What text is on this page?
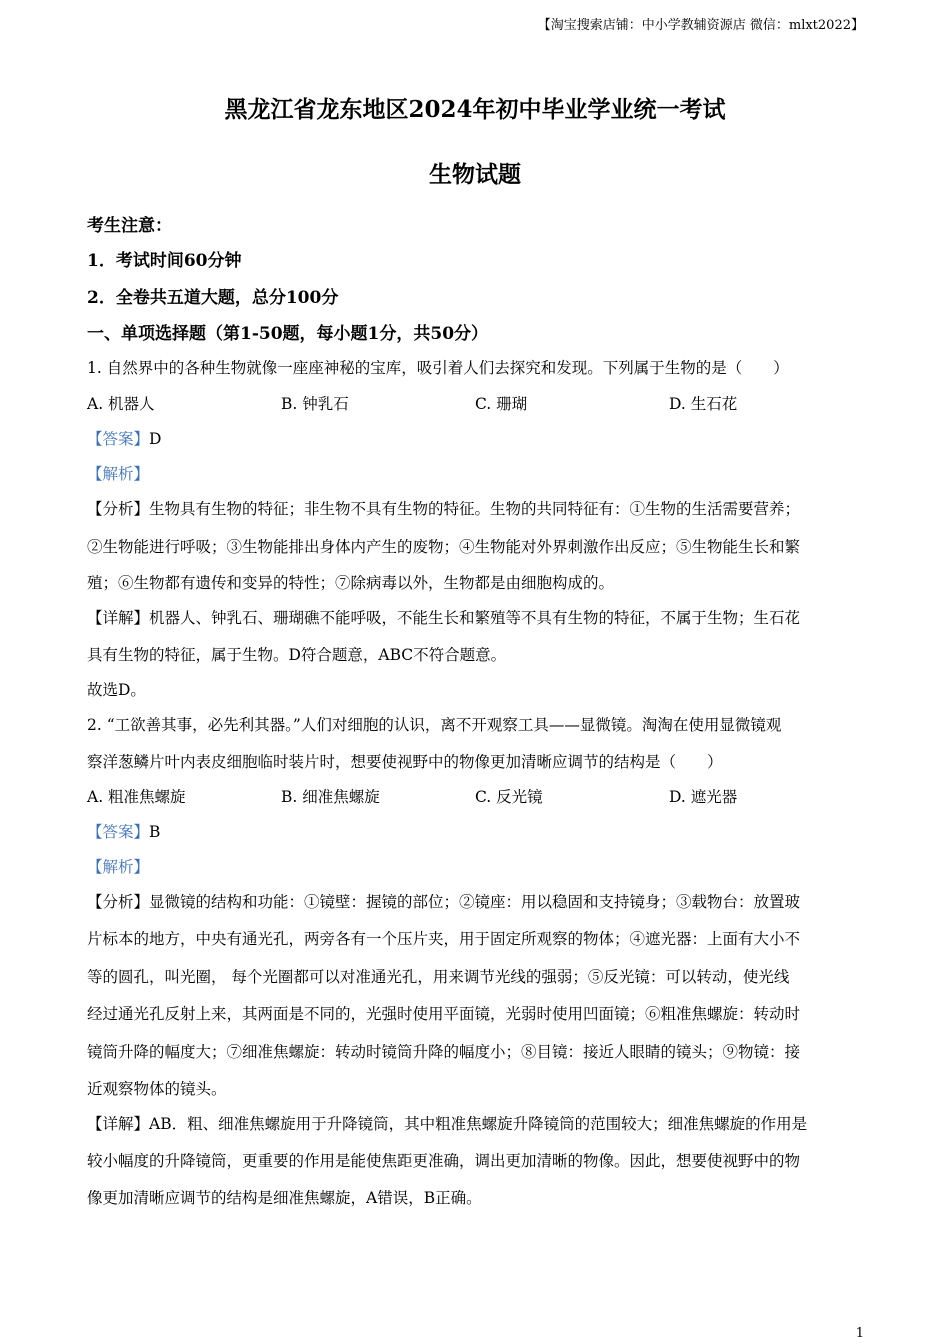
【淘宝搜索店铺：中小学教辅资源店 微信：mlxt2022】
黑龙江省龙东地区2024年初中毕业学业统一考试
生物试题
考生注意：
1．考试时间60分钟
2．全卷共五道大题，总分100分
一、单项选择题（第1-50题，每小题1分，共50分）
1. 自然界中的各种生物就像一座座神秘的宝库，吸引着人们去探究和发现。下列属于生物的是（　　）
A. 机器人	B. 钟乳石	C. 珊瑚	D. 生石花
【答案】D
【解析】
【分析】生物具有生物的特征；非生物不具有生物的特征。生物的共同特征有：①生物的生活需要营养；
②生物能进行呼吸；③生物能排出身体内产生的废物；④生物能对外界刺激作出反应；⑤生物能生长和繁
殖；⑥生物都有遗传和变异的特性；⑦除病毒以外，生物都是由细胞构成的。
【详解】机器人、钟乳石、珊瑚礁不能呼吸，不能生长和繁殖等不具有生物的特征，不属于生物；生石花
具有生物的特征，属于生物。D符合题意，ABC不符合题意。
故选D。
2. “工欲善其事，必先利其器。”人们对细胞的认识，离不开观察工具——显微镜。淘淘在使用显微镜观
察洋葱鳞片叶内表皮细胞临时装片时，想要使视野中的物像更加清晰应调节的结构是（　　）
A. 粗准焦螺旋	B. 细准焦螺旋	C. 反光镜	D. 遮光器
【答案】B
【解析】
【分析】显微镜的结构和功能：①镜壁：握镜的部位；②镜座：用以稳固和支持镜身；③载物台：放置玻
片标本的地方，中央有通光孔，两旁各有一个压片夹，用于固定所观察的物体；④遮光器：上面有大小不
等的圆孔，叫光圈， 每个光圈都可以对准通光孔，用来调节光线的强弱；⑤反光镜：可以转动，使光线
经过通光孔反射上来，其两面是不同的，光强时使用平面镜，光弱时使用凹面镜；⑥粗准焦螺旋：转动时
镜筒升降的幅度大；⑦细准焦螺旋：转动时镜筒升降的幅度小；⑧目镜：接近人眼睛的镜头；⑨物镜：接
近观察物体的镜头。
【详解】AB．粗、细准焦螺旋用于升降镜筒，其中粗准焦螺旋升降镜筒的范围较大；细准焦螺旋的作用是
较小幅度的升降镜筒，更重要的作用是能使焦距更准确，调出更加清晰的物像。因此，想要使视野中的物
像更加清晰应调节的结构是细准焦螺旋，A错误，B正确。
1
